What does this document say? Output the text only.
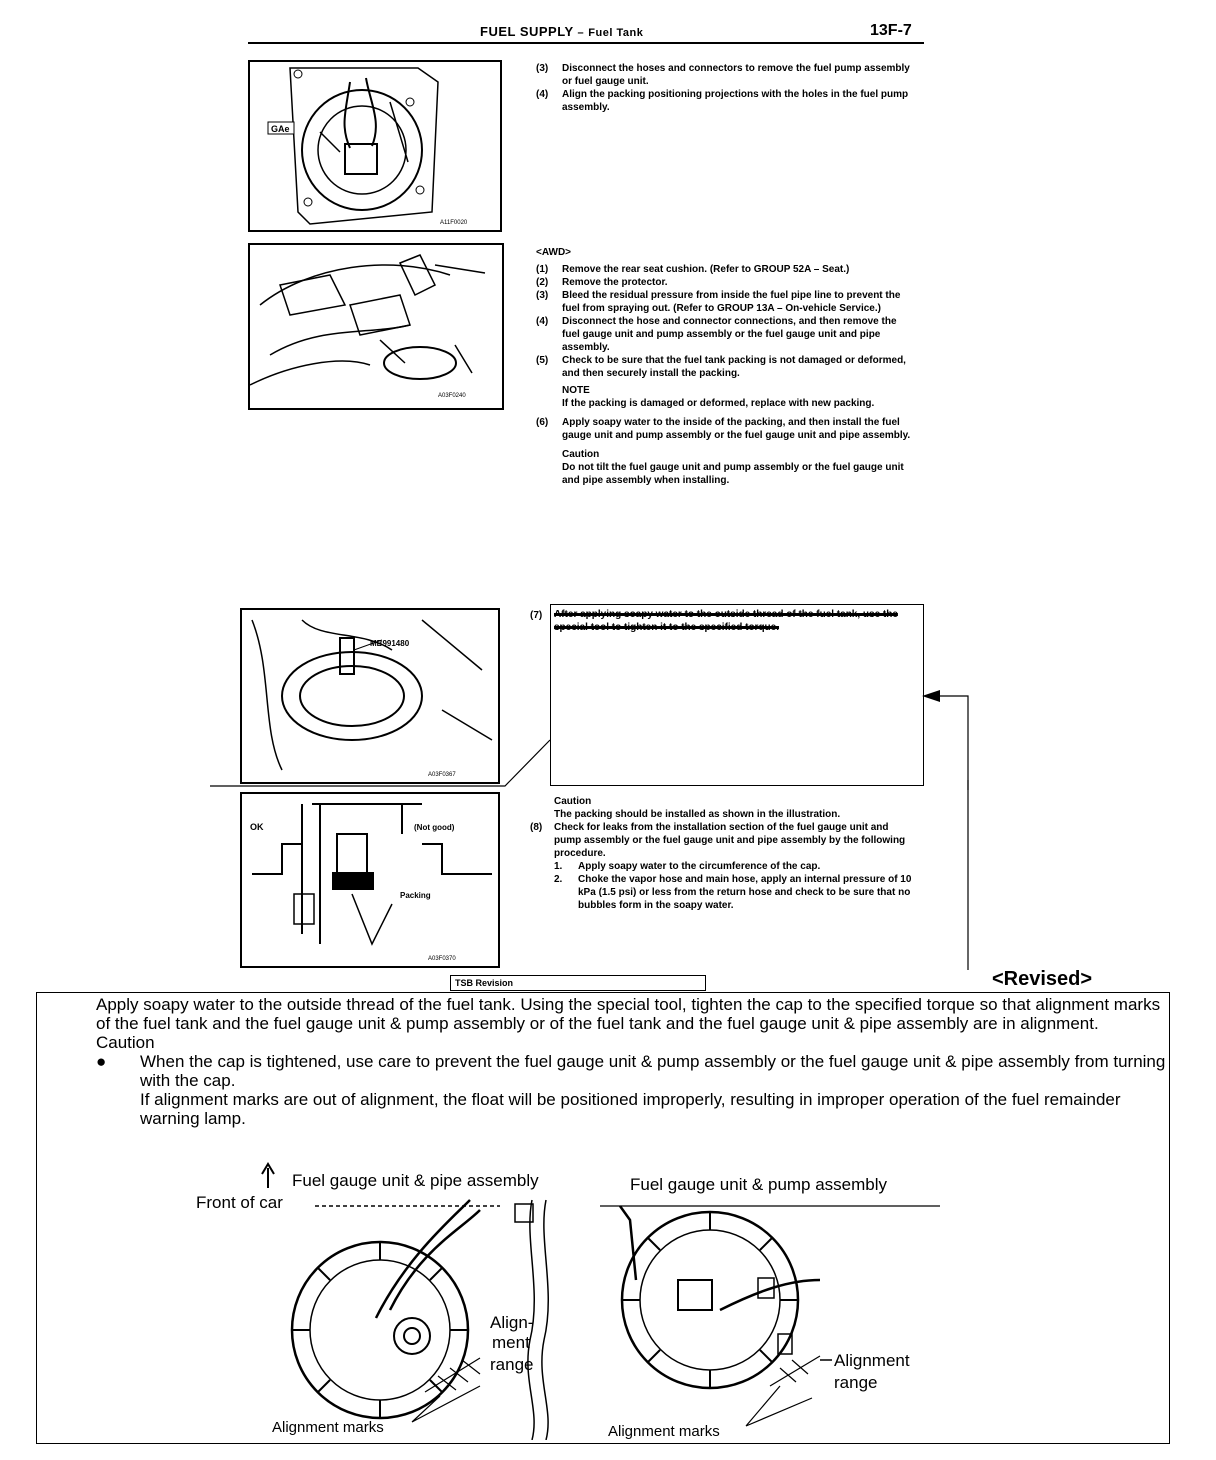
FUEL SUPPLY – Fuel Tank	13F-7
GAe
A11F0020

(3) Disconnect the hoses and connectors to remove the fuel pump assembly or fuel gauge unit.

(4) Align the packing positioning projections with the holes in the fuel pump assembly.

A03F0240

<AWD>

(1) Remove the rear seat cushion. (Refer to GROUP 52A – Seat.)

(2) Remove the protector.

(3) Bleed the residual pressure from inside the fuel pipe line to prevent the fuel from spraying out. (Refer to GROUP 13A – On-vehicle Service.)

(4) Disconnect the hose and connector connections, and then remove the fuel gauge unit and pump assembly or the fuel gauge unit and pipe assembly.

(5) Check to be sure that the fuel tank packing is not damaged or deformed, and then securely install the packing.

NOTE

If the packing is damaged or deformed, replace with new packing.

(6) Apply soapy water to the inside of the packing, and then install the fuel gauge unit and pump assembly or the fuel gauge unit and pipe assembly.

Caution

Do not tilt the fuel gauge unit and pump assembly or the fuel gauge unit and pipe assembly when installing.

(7) After applying soapy water to the outside thread of the fuel tank, use the special tool to tighten it to the specified torque.
MB991480
A03F0367
OK	(Not good)
Packing
A03F0370

Caution

The packing should be installed as shown in the illustration.

(8) Check for leaks from the installation section of the fuel gauge unit and pump assembly or the fuel gauge unit and pipe assembly by the following procedure.

1. Apply soapy water to the circumference of the cap.

2. Choke the vapor hose and main hose, apply an internal pressure of 10 kPa (1.5 psi) or less from the return hose and check to be sure that no bubbles form in the soapy water.

TSB Revision	<Revised>

Apply soapy water to the outside thread of the fuel tank. Using the special tool, tighten the cap to the specified torque so that alignment marks of the fuel tank and the fuel gauge unit & pump assembly or of the fuel tank and the fuel gauge unit & pipe assembly are in alignment.

Caution

● When the cap is tightened, use care to prevent the fuel gauge unit & pump assembly or the fuel gauge unit & pipe assembly from turning with the cap.

If alignment marks are out of alignment, the float will be positioned improperly, resulting in improper operation of the fuel remainder warning lamp.

Fuel gauge unit & pipe assembly	Fuel gauge unit & pump assembly
Front of car
Align-
ment
range	Alignment
range
Alignment marks	Alignment marks
